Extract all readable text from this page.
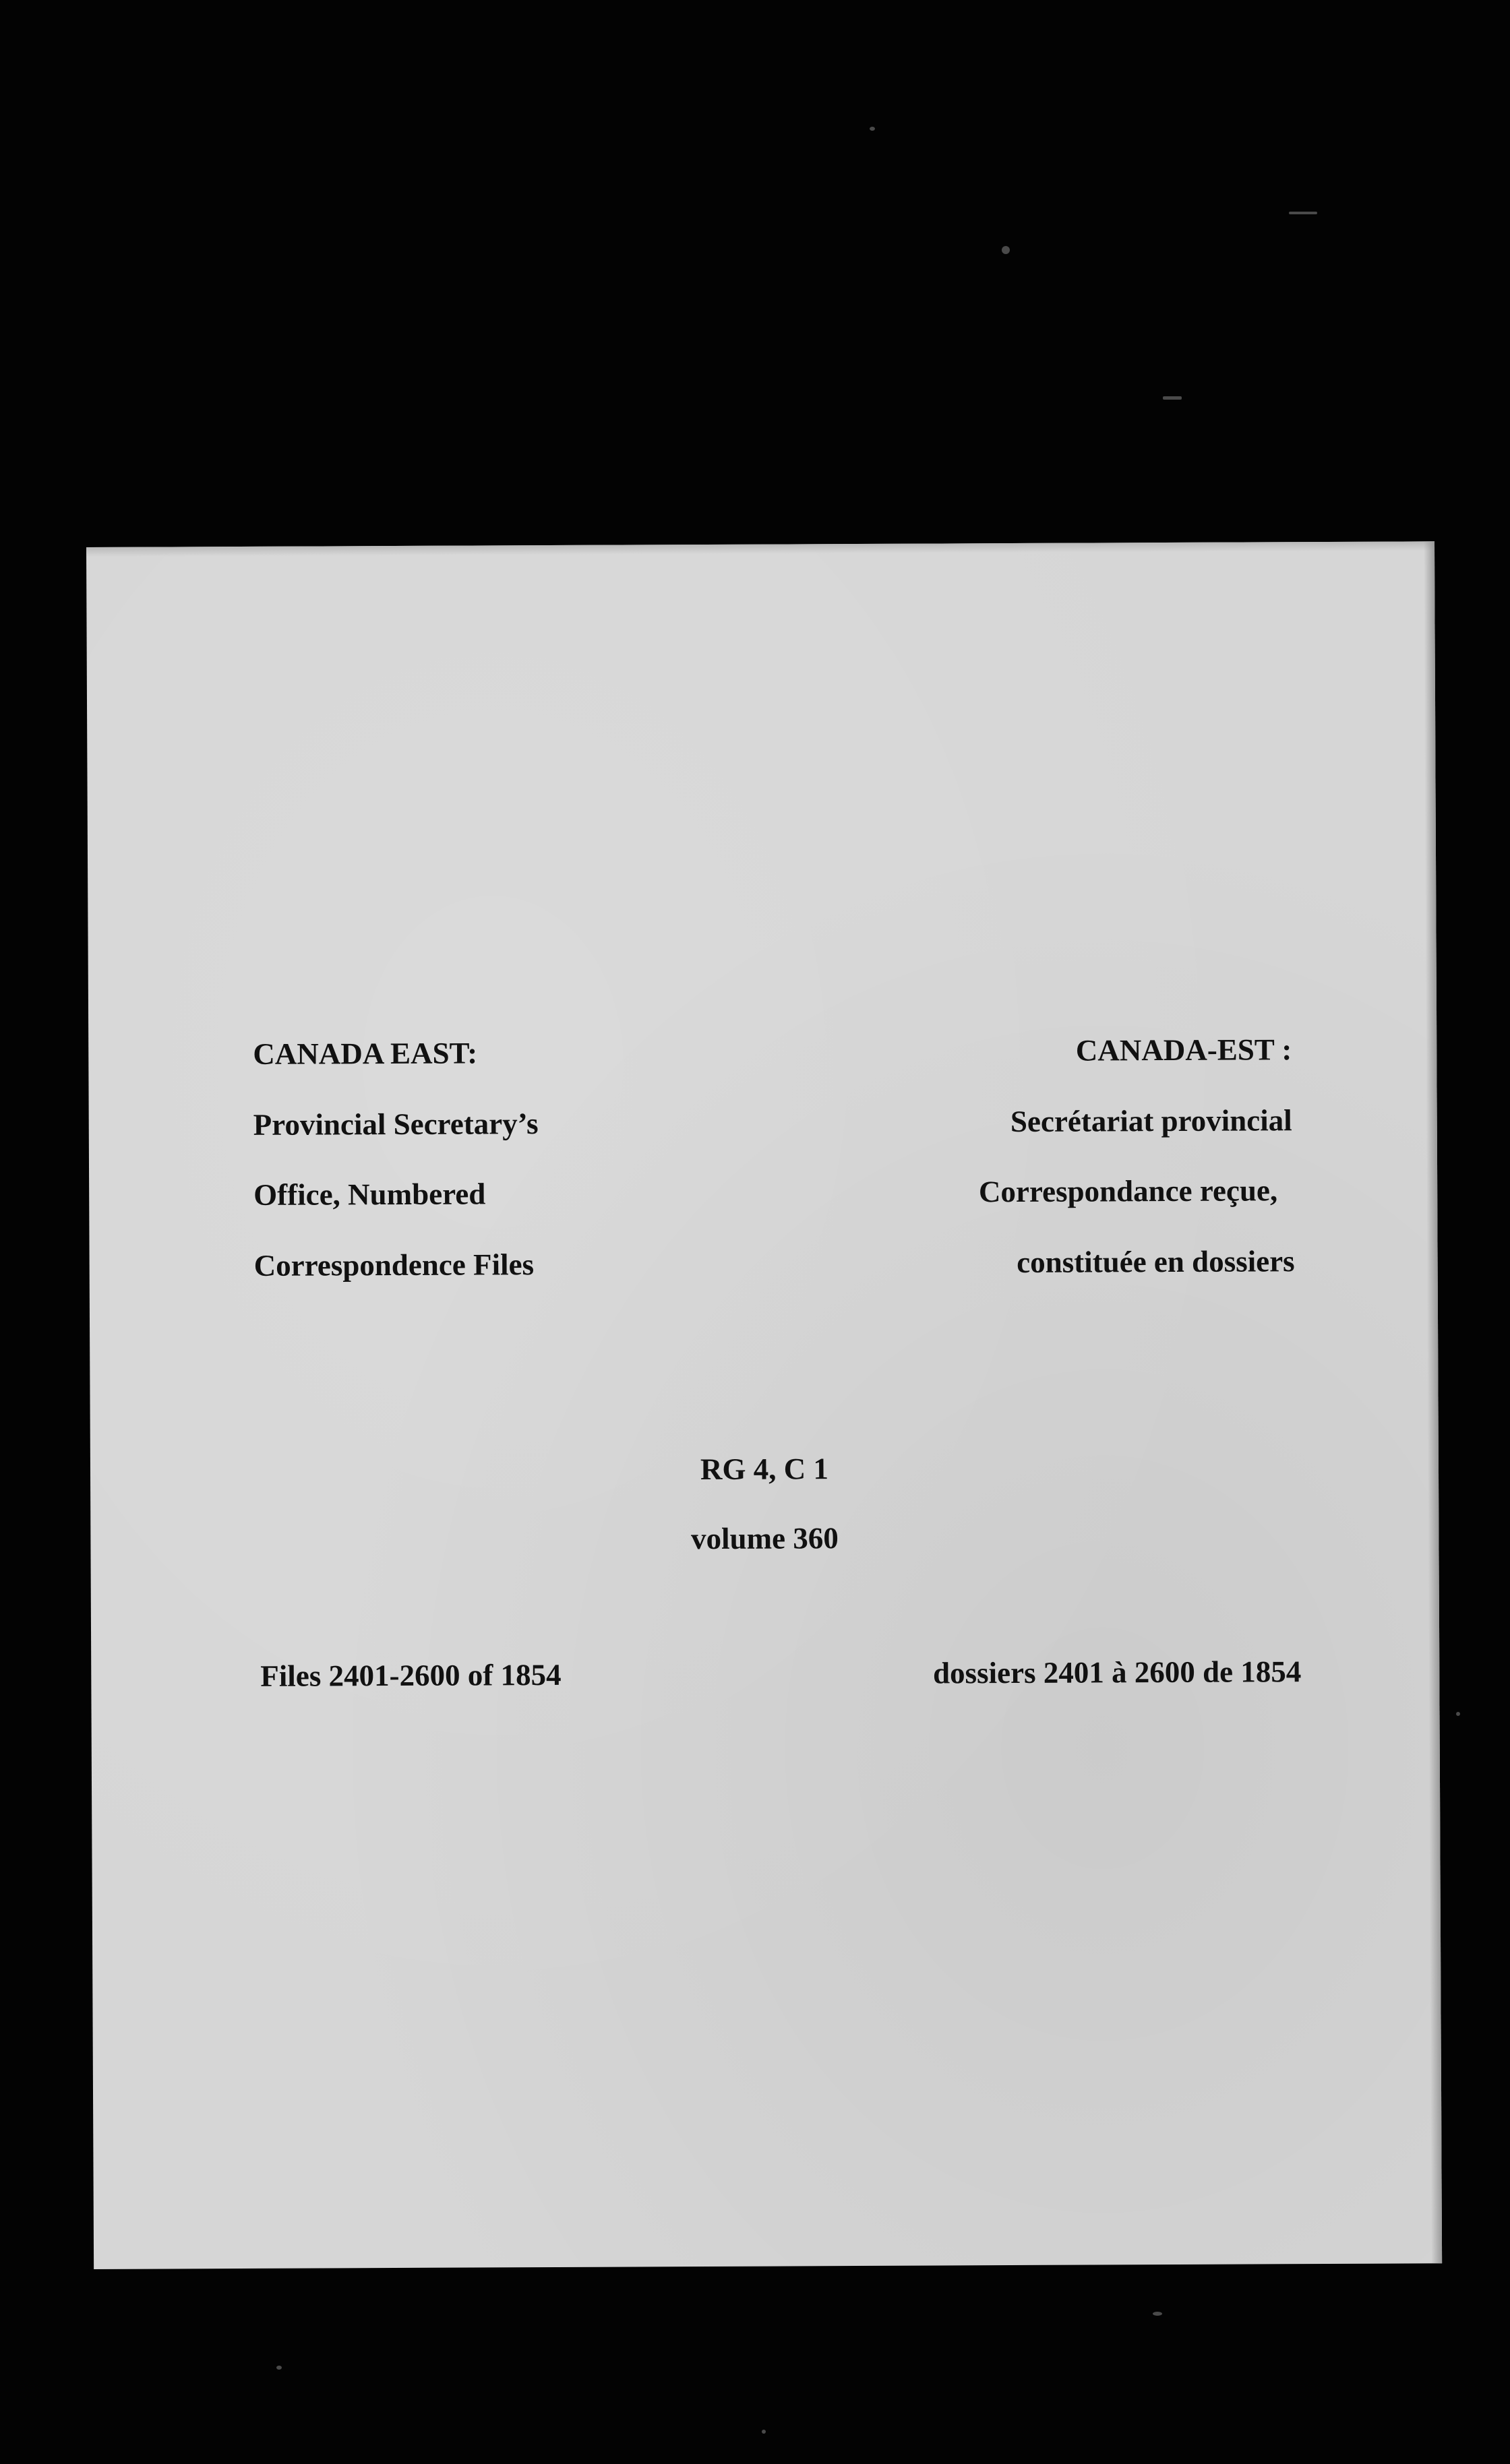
CANADA EAST:
Provincial Secretary’s
Office, Numbered
Correspondence Files
CANADA-EST :
Secrétariat provincial
Correspondance reçue,
constituée en dossiers
RG 4, C 1
volume 360
Files 2401-2600 of 1854	dossiers 2401 à 2600 de 1854
